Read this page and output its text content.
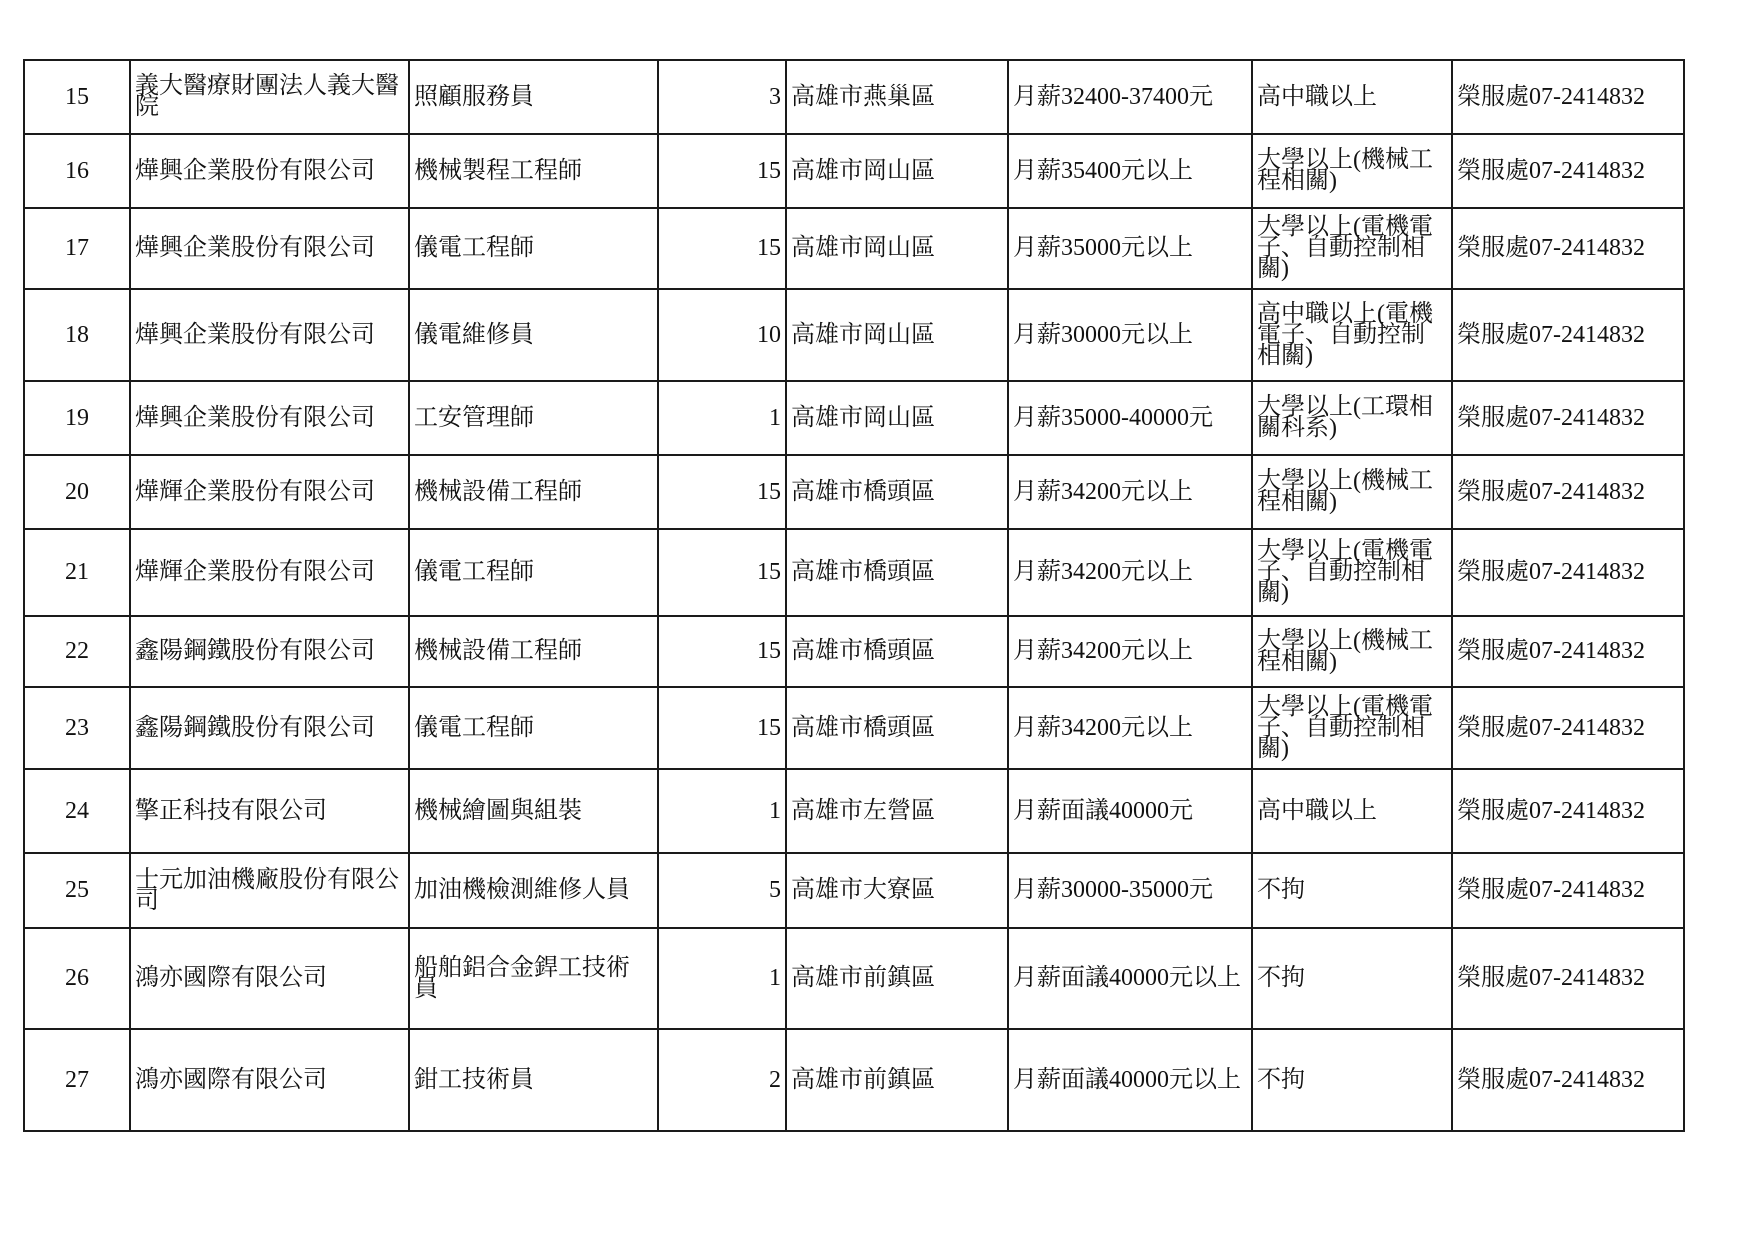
15	義大醫療財團法人義大醫院	照顧服務員	3	高雄市燕巢區	月薪32400-37400元	高中職以上	榮服處07-2414832
16	燁興企業股份有限公司	機械製程工程師	15	高雄市岡山區	月薪35400元以上	大學以上(機械工程相關)	榮服處07-2414832
17	燁興企業股份有限公司	儀電工程師	15	高雄市岡山區	月薪35000元以上	大學以上(電機電子、自動控制相關)	榮服處07-2414832
18	燁興企業股份有限公司	儀電維修員	10	高雄市岡山區	月薪30000元以上	高中職以上(電機電子、自動控制相關)	榮服處07-2414832
19	燁興企業股份有限公司	工安管理師	1	高雄市岡山區	月薪35000-40000元	大學以上(工環相關科系)	榮服處07-2414832
20	燁輝企業股份有限公司	機械設備工程師	15	高雄市橋頭區	月薪34200元以上	大學以上(機械工程相關)	榮服處07-2414832
21	燁輝企業股份有限公司	儀電工程師	15	高雄市橋頭區	月薪34200元以上	大學以上(電機電子、自動控制相關)	榮服處07-2414832
22	鑫陽鋼鐵股份有限公司	機械設備工程師	15	高雄市橋頭區	月薪34200元以上	大學以上(機械工程相關)	榮服處07-2414832
23	鑫陽鋼鐵股份有限公司	儀電工程師	15	高雄市橋頭區	月薪34200元以上	大學以上(電機電子、自動控制相關)	榮服處07-2414832
24	擎正科技有限公司	機械繪圖與組裝	1	高雄市左營區	月薪面議40000元	高中職以上	榮服處07-2414832
25	士元加油機廠股份有限公司	加油機檢測維修人員	5	高雄市大寮區	月薪30000-35000元	不拘	榮服處07-2414832
26	鴻亦國際有限公司	船舶鋁合金銲工技術員	1	高雄市前鎮區	月薪面議40000元以上	不拘	榮服處07-2414832
27	鴻亦國際有限公司	鉗工技術員	2	高雄市前鎮區	月薪面議40000元以上	不拘	榮服處07-2414832
